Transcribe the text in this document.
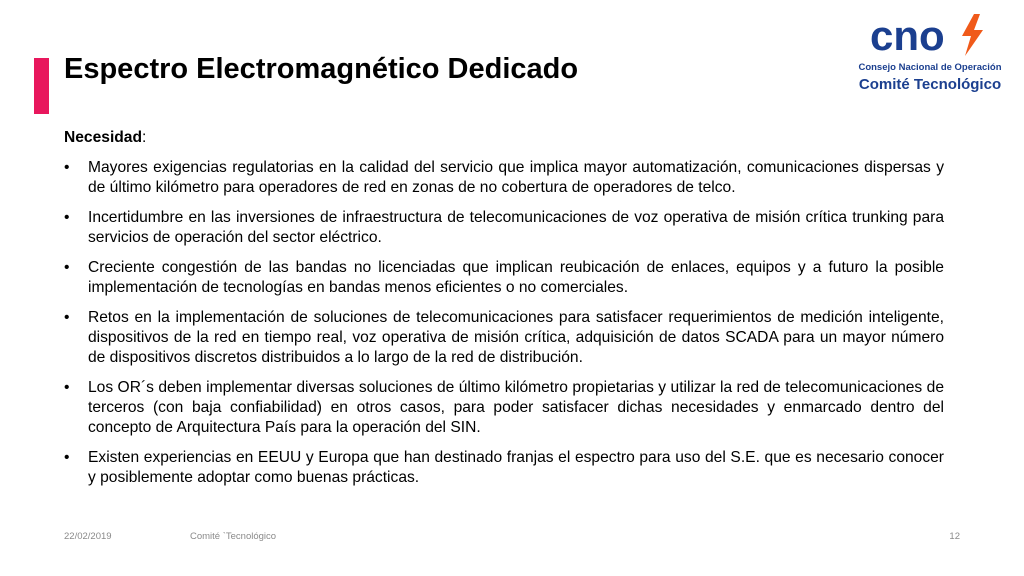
Espectro Electromagnético Dedicado
cno
Consejo Nacional de Operación
Comité Tecnológico

Necesidad:

• Mayores exigencias regulatorias en la calidad del servicio que implica mayor automatización, comunicaciones dispersas y de último kilómetro para operadores de red en zonas de no cobertura de operadores de telco.
• Incertidumbre en las inversiones de infraestructura de telecomunicaciones de voz operativa de misión crítica trunking para servicios de operación del sector eléctrico.
• Creciente congestión de las bandas no licenciadas que implican reubicación de enlaces, equipos y a futuro la posible implementación de tecnologías en bandas menos eficientes o no comerciales.
• Retos en la implementación de soluciones de telecomunicaciones para satisfacer requerimientos de medición inteligente, dispositivos de la red en tiempo real, voz operativa de misión crítica, adquisición de datos SCADA para un mayor número de dispositivos discretos distribuidos a lo largo de la red de distribución.
• Los OR´s deben implementar diversas soluciones de último kilómetro propietarias y utilizar la red de telecomunicaciones de terceros (con baja confiabilidad) en otros casos, para poder satisfacer dichas necesidades y enmarcado dentro del concepto de Arquitectura País para la operación del SIN.
• Existen experiencias en EEUU y Europa que han destinado franjas el espectro para uso del S.E. que es necesario conocer y posiblemente adoptar como buenas prácticas.
22/02/2019	Comité `Tecnológico	12
